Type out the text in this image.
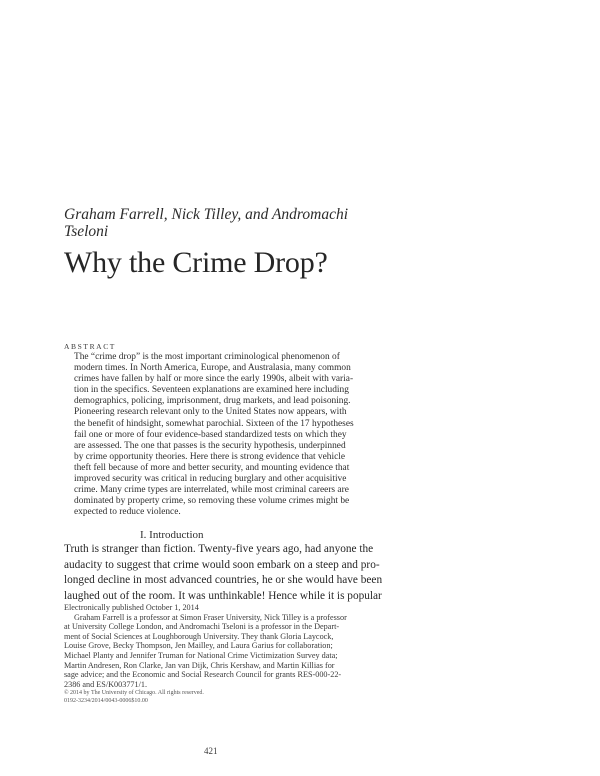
Graham Farrell, Nick Tilley, and Andromachi
Tseloni
Why the Crime Drop?
ABSTRACT
The “crime drop” is the most important criminological phenomenon of
modern times. In North America, Europe, and Australasia, many common
crimes have fallen by half or more since the early 1990s, albeit with varia-
tion in the specifics. Seventeen explanations are examined here including
demographics, policing, imprisonment, drug markets, and lead poisoning.
Pioneering research relevant only to the United States now appears, with
the benefit of hindsight, somewhat parochial. Sixteen of the 17 hypotheses
fail one or more of four evidence-based standardized tests on which they
are assessed. The one that passes is the security hypothesis, underpinned
by crime opportunity theories. Here there is strong evidence that vehicle
theft fell because of more and better security, and mounting evidence that
improved security was critical in reducing burglary and other acquisitive
crime. Many crime types are interrelated, while most criminal careers are
dominated by property crime, so removing these volume crimes might be
expected to reduce violence.
I. Introduction
Truth is stranger than fiction. Twenty-five years ago, had anyone the
audacity to suggest that crime would soon embark on a steep and pro-
longed decline in most advanced countries, he or she would have been
laughed out of the room. It was unthinkable! Hence while it is popular
Electronically published October 1, 2014
Graham Farrell is a professor at Simon Fraser University, Nick Tilley is a professor
at University College London, and Andromachi Tseloni is a professor in the Depart-
ment of Social Sciences at Loughborough University. They thank Gloria Laycock,
Louise Grove, Becky Thompson, Jen Mailley, and Laura Garius for collaboration;
Michael Planty and Jennifer Truman for National Crime Victimization Survey data;
Martin Andresen, Ron Clarke, Jan van Dijk, Chris Kershaw, and Martin Killias for
sage advice; and the Economic and Social Research Council for grants RES-000-22-
2386 and ES/K003771/1.
© 2014 by The University of Chicago. All rights reserved.
0192-3234/2014/0043-0006$10.00
421
